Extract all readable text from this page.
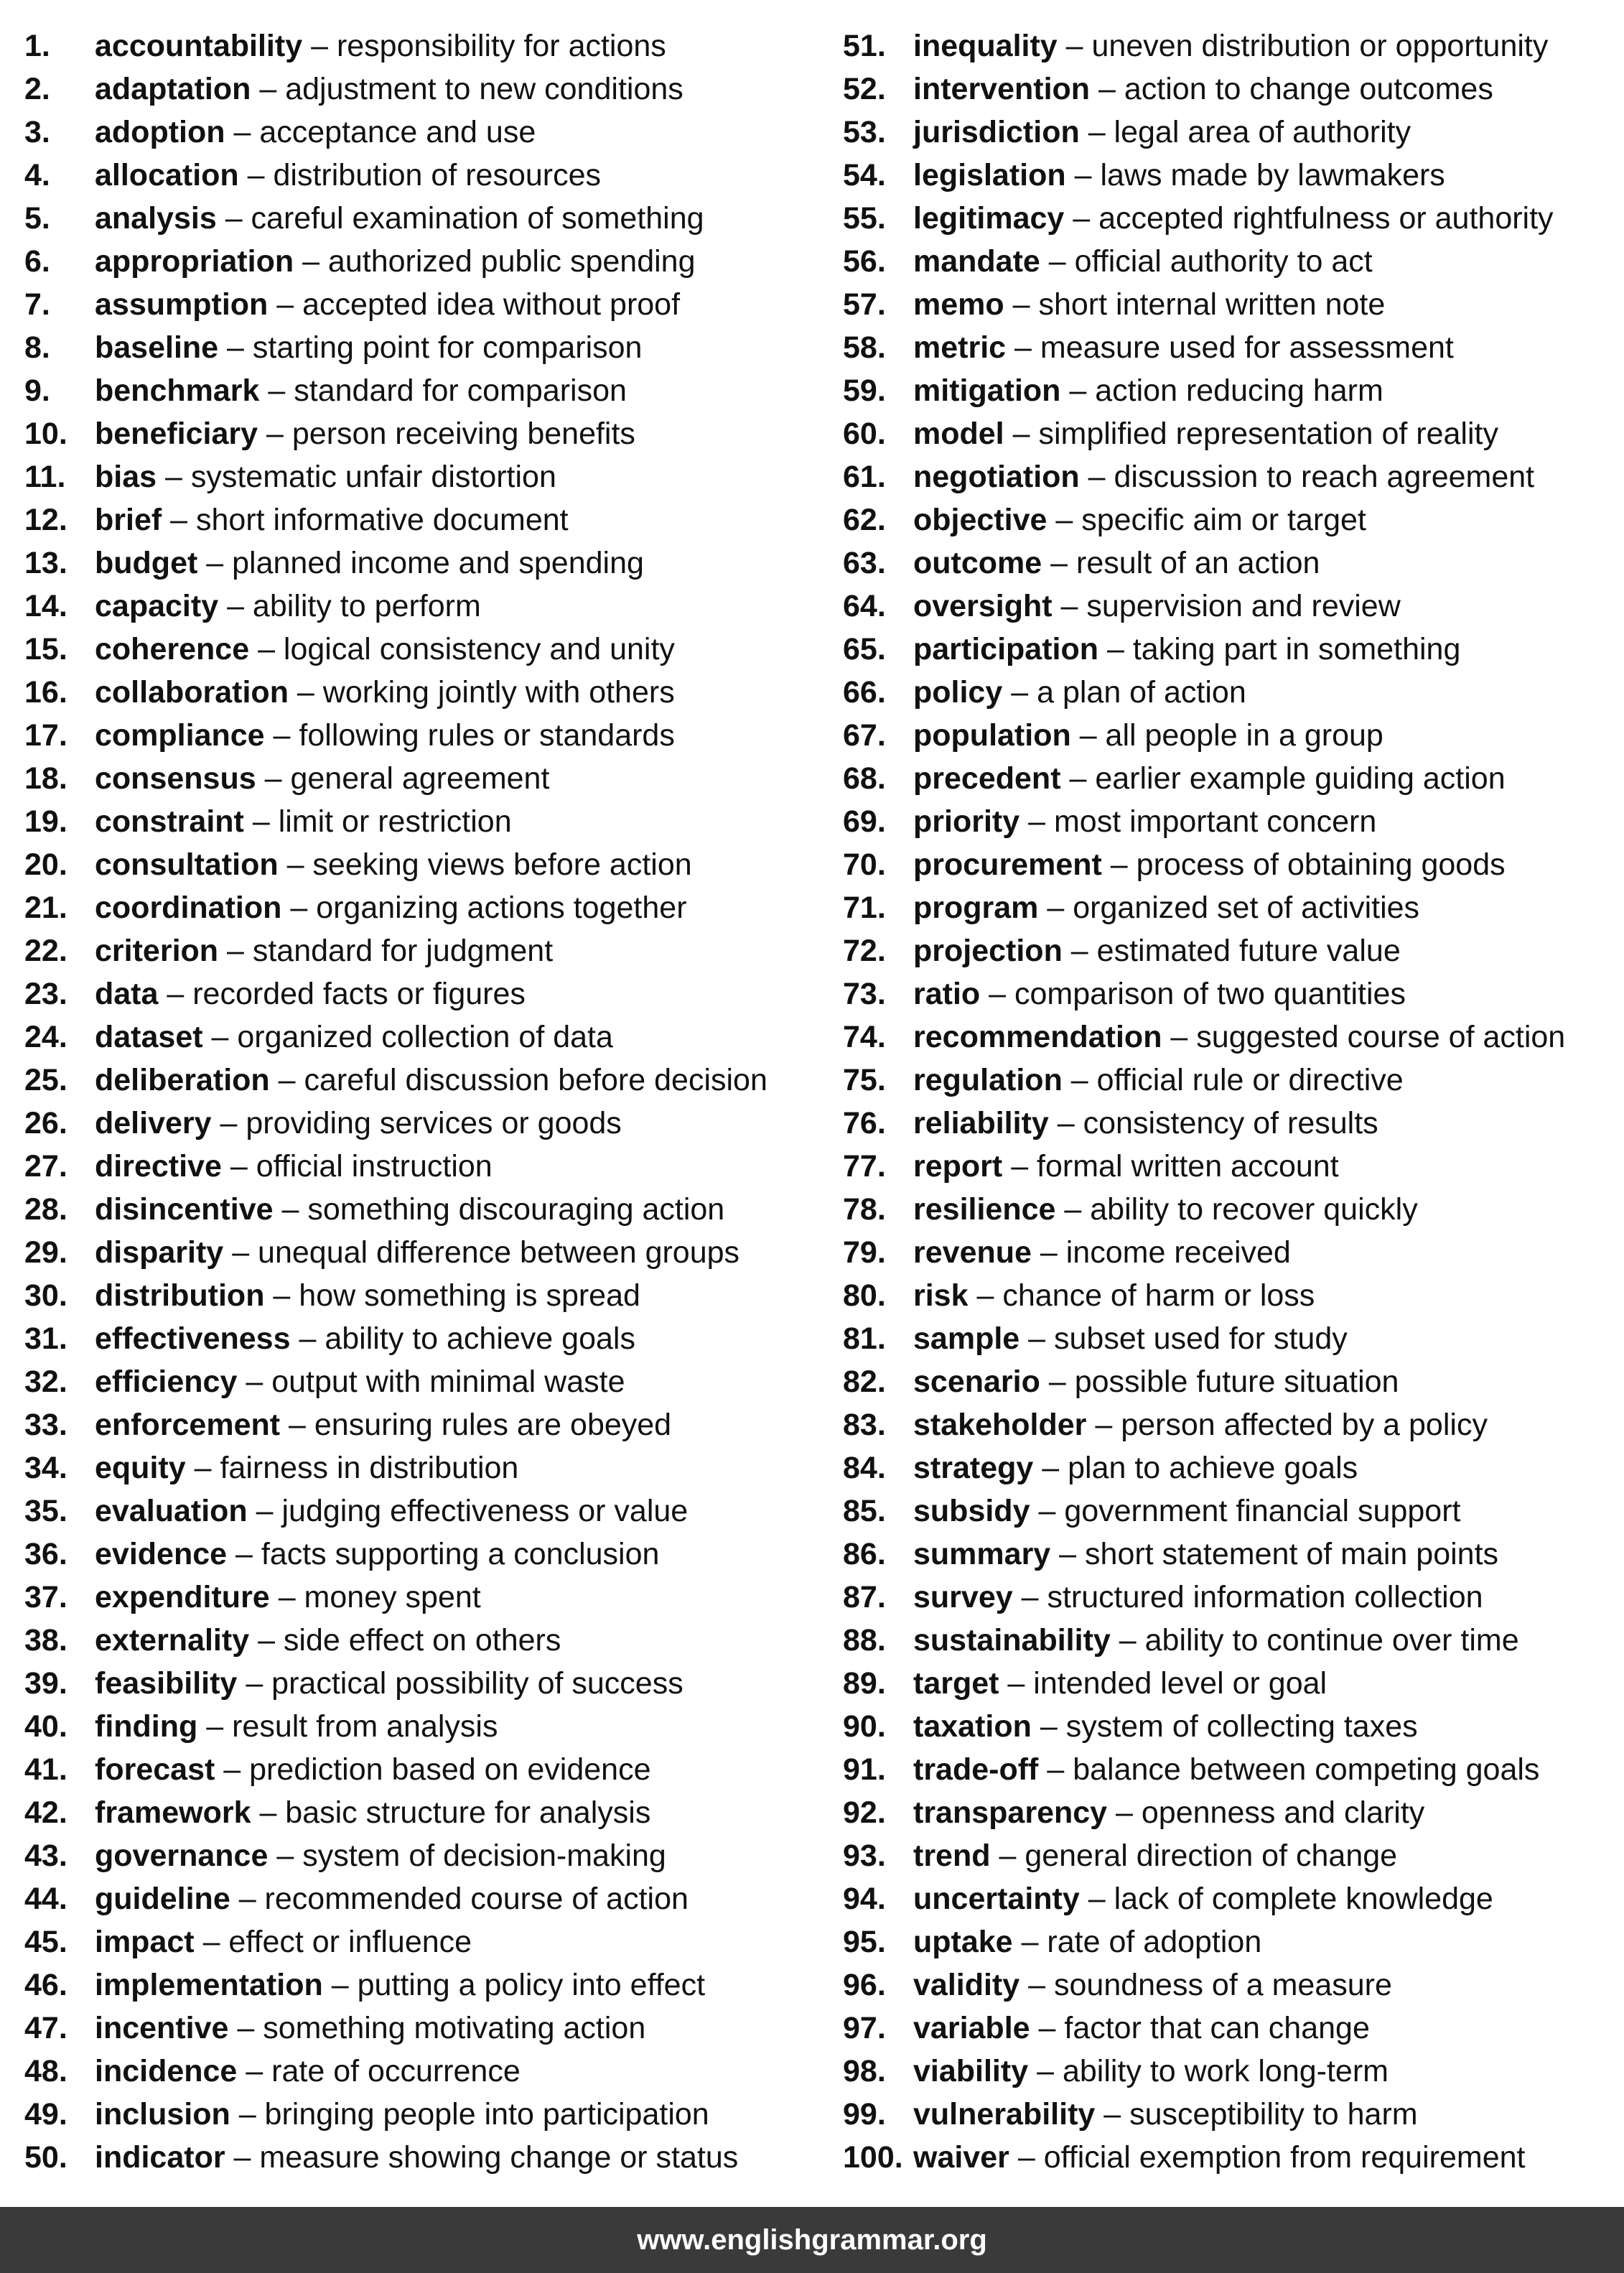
1. accountability – responsibility for actions
2. adaptation – adjustment to new conditions
3. adoption – acceptance and use
4. allocation – distribution of resources
5. analysis – careful examination of something
6. appropriation – authorized public spending
7. assumption – accepted idea without proof
8. baseline – starting point for comparison
9. benchmark – standard for comparison
10. beneficiary – person receiving benefits
11. bias – systematic unfair distortion
12. brief – short informative document
13. budget – planned income and spending
14. capacity – ability to perform
15. coherence – logical consistency and unity
16. collaboration – working jointly with others
17. compliance – following rules or standards
18. consensus – general agreement
19. constraint – limit or restriction
20. consultation – seeking views before action
21. coordination – organizing actions together
22. criterion – standard for judgment
23. data – recorded facts or figures
24. dataset – organized collection of data
25. deliberation – careful discussion before decision
26. delivery – providing services or goods
27. directive – official instruction
28. disincentive – something discouraging action
29. disparity – unequal difference between groups
30. distribution – how something is spread
31. effectiveness – ability to achieve goals
32. efficiency – output with minimal waste
33. enforcement – ensuring rules are obeyed
34. equity – fairness in distribution
35. evaluation – judging effectiveness or value
36. evidence – facts supporting a conclusion
37. expenditure – money spent
38. externality – side effect on others
39. feasibility – practical possibility of success
40. finding – result from analysis
41. forecast – prediction based on evidence
42. framework – basic structure for analysis
43. governance – system of decision-making
44. guideline – recommended course of action
45. impact – effect or influence
46. implementation – putting a policy into effect
47. incentive – something motivating action
48. incidence – rate of occurrence
49. inclusion – bringing people into participation
50. indicator – measure showing change or status
51. inequality – uneven distribution or opportunity
52. intervention – action to change outcomes
53. jurisdiction – legal area of authority
54. legislation – laws made by lawmakers
55. legitimacy – accepted rightfulness or authority
56. mandate – official authority to act
57. memo – short internal written note
58. metric – measure used for assessment
59. mitigation – action reducing harm
60. model – simplified representation of reality
61. negotiation – discussion to reach agreement
62. objective – specific aim or target
63. outcome – result of an action
64. oversight – supervision and review
65. participation – taking part in something
66. policy – a plan of action
67. population – all people in a group
68. precedent – earlier example guiding action
69. priority – most important concern
70. procurement – process of obtaining goods
71. program – organized set of activities
72. projection – estimated future value
73. ratio – comparison of two quantities
74. recommendation – suggested course of action
75. regulation – official rule or directive
76. reliability – consistency of results
77. report – formal written account
78. resilience – ability to recover quickly
79. revenue – income received
80. risk – chance of harm or loss
81. sample – subset used for study
82. scenario – possible future situation
83. stakeholder – person affected by a policy
84. strategy – plan to achieve goals
85. subsidy – government financial support
86. summary – short statement of main points
87. survey – structured information collection
88. sustainability – ability to continue over time
89. target – intended level or goal
90. taxation – system of collecting taxes
91. trade-off – balance between competing goals
92. transparency – openness and clarity
93. trend – general direction of change
94. uncertainty – lack of complete knowledge
95. uptake – rate of adoption
96. validity – soundness of a measure
97. variable – factor that can change
98. viability – ability to work long-term
99. vulnerability – susceptibility to harm
100. waiver – official exemption from requirement
www.englishgrammar.org
